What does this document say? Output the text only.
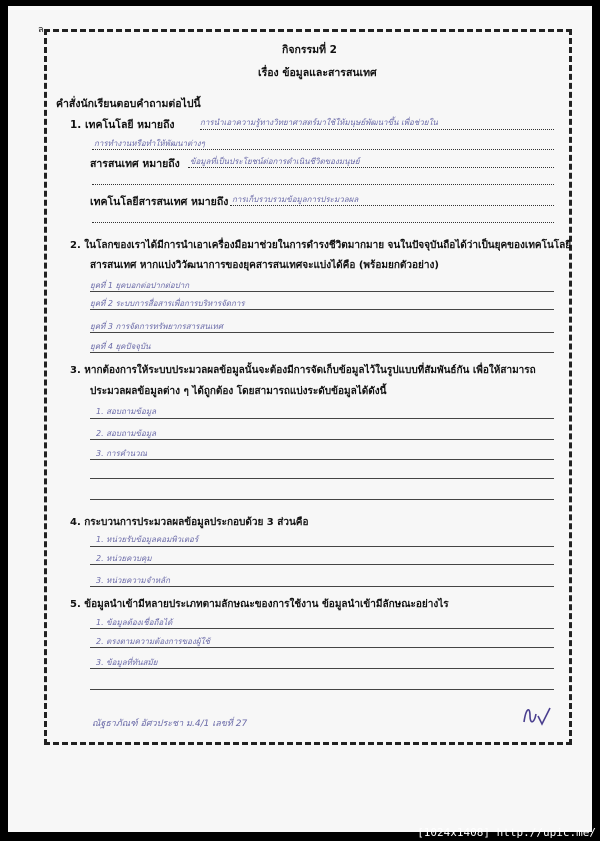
ล
กิจกรรมที่ 2
เรื่อง ข้อมูลและสารสนเทศ
คำสั่งนักเรียนตอบคำถามต่อไปนี้
1. เทคโนโลยี หมายถึง	การนำเอาความรู้ทางวิทยาศาสตร์มาใช้ให้มนุษย์พัฒนาขึ้น เพื่อช่วยใน
การทำงานหรือทำให้พัฒนาต่างๆ
สารสนเทศ หมายถึง ข้อมูลที่เป็นประโยชน์ต่อการดำเนินชีวิตของมนุษย์
เทคโนโลยีสารสนเทศ หมายถึง การเก็บรวบรวมข้อมูลการประมวลผล
2. ในโลกของเราได้มีการนำเอาเครื่องมือมาช่วยในการดำรงชีวิตมากมาย จนในปัจจุบันถือได้ว่าเป็นยุคของเทคโนโลยี
สารสนเทศ หากแบ่งวิวัฒนาการของยุคสารสนเทศจะแบ่งได้คือ (พร้อมยกตัวอย่าง)
ยุคที่ 1 ยุคบอกต่อปากต่อปาก
ยุคที่ 2 ระบบการสื่อสารเพื่อการบริหารจัดการ
ยุคที่ 3 การจัดการทรัพยากรสารสนเทศ
ยุคที่ 4 ยุคปัจจุบัน
3. หากต้องการให้ระบบประมวลผลข้อมูลนั้นจะต้องมีการจัดเก็บข้อมูลไว้ในรูปแบบที่สัมพันธ์กัน เพื่อให้สามารถ
ประมวลผลข้อมูลต่าง ๆ ได้ถูกต้อง โดยสามารถแบ่งระดับข้อมูลได้ดังนี้
1. สอบถามข้อมูล
2. สอบถามข้อมูล
3. การคำนวณ
4. กระบวนการประมวลผลข้อมูลประกอบด้วย 3 ส่วนคือ
1. หน่วยรับข้อมูลคอมพิวเตอร์
2. หน่วยควบคุม
3. หน่วยความจำหลัก
5. ข้อมูลนำเข้ามีหลายประเภทตามลักษณะของการใช้งาน ข้อมูลนำเข้ามีลักษณะอย่างไร
1. ข้อมูลต้องเชื่อถือได้
2. ตรงตามความต้องการของผู้ใช้
3. ข้อมูลที่ทันสมัย
ณัฐธาภัณฑ์ อัศวประชา ม.4/1 เลขที่ 27
[1024x1408] http://upic.me/
